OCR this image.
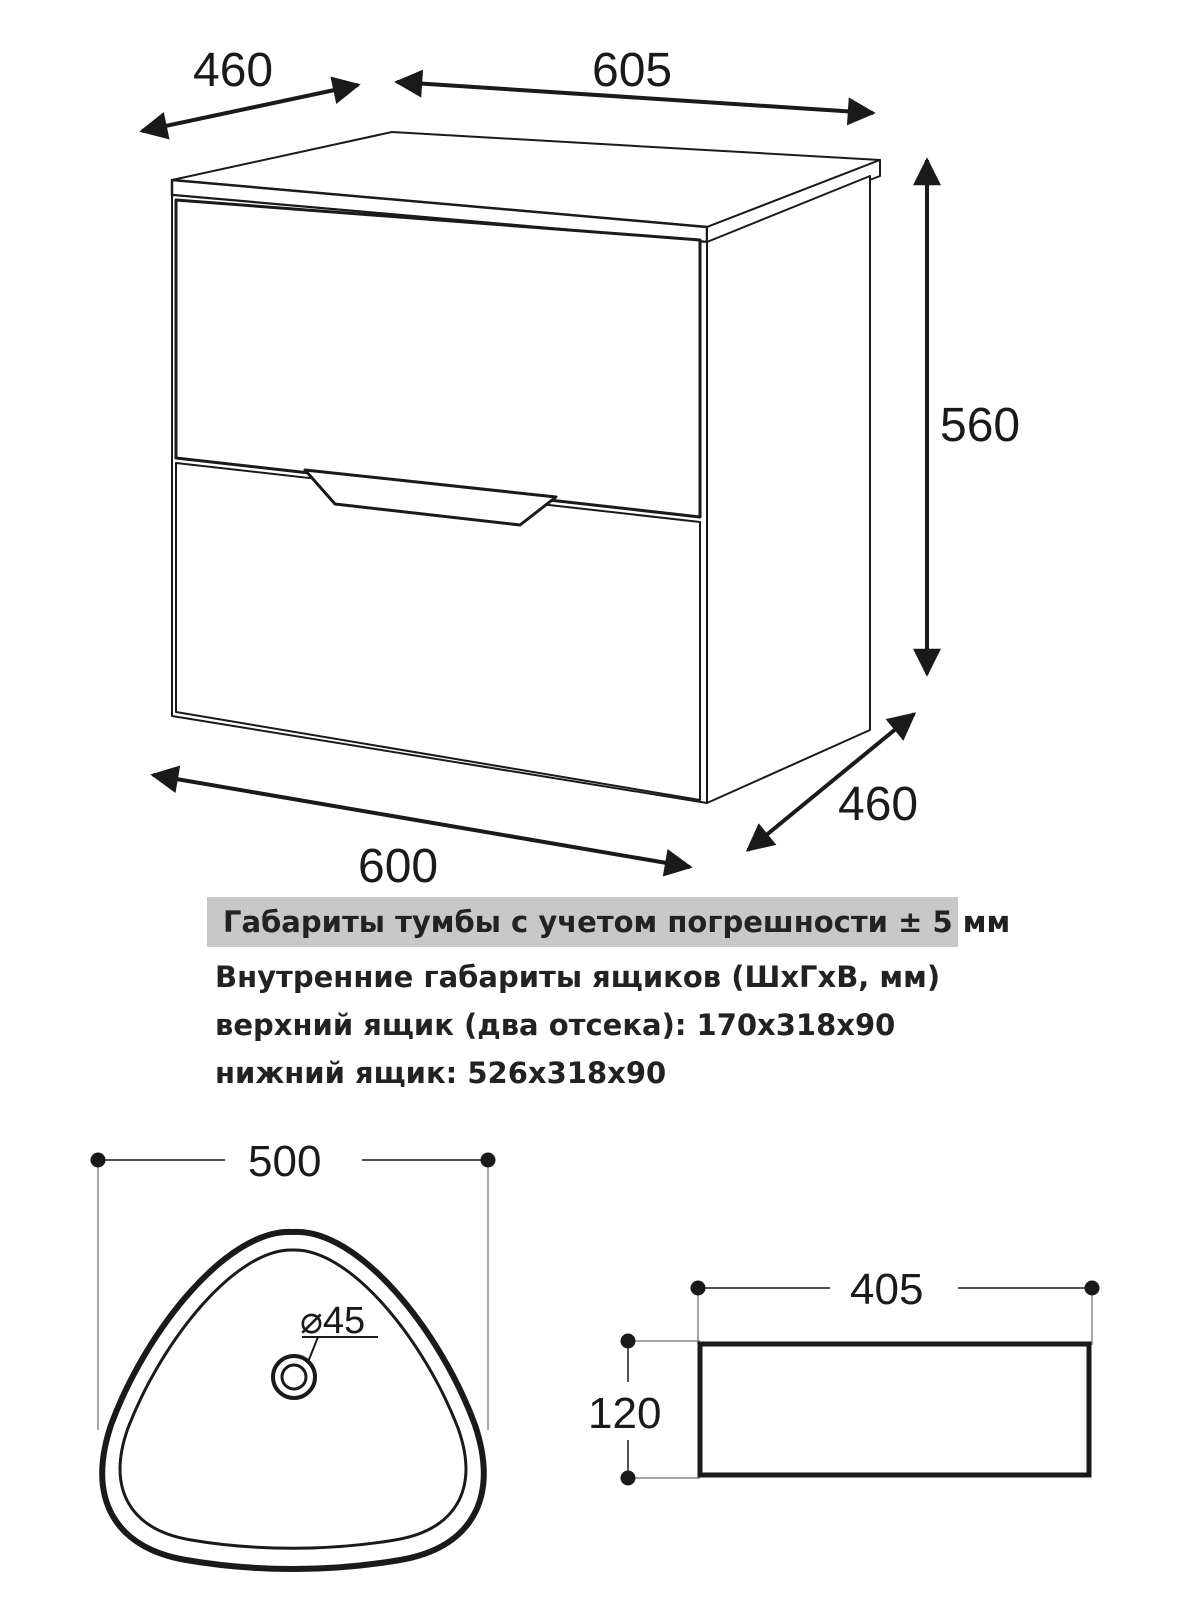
460	605
560
460
600
500
⌀45
405
120
Габариты тумбы с учетом погрешности ± 5 мм
Внутренние габариты ящиков (ШхГхВ, мм)
верхний ящик (два отсека): 170х318х90
нижний ящик: 526х318х90
